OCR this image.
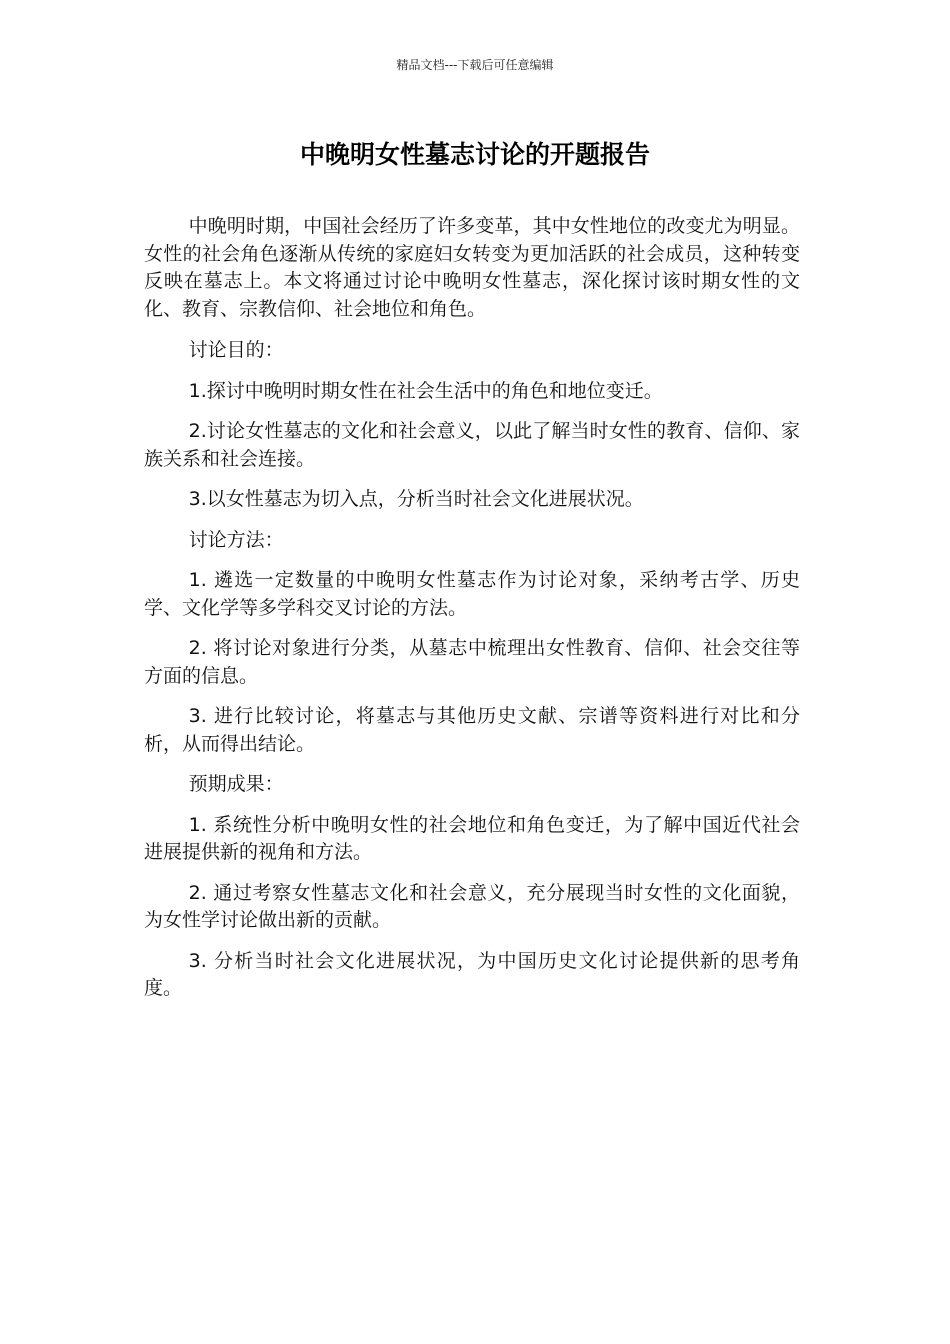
精品文档---下载后可任意编辑
中晚明女性墓志讨论的开题报告

中晚明时期，中国社会经历了许多变革，其中女性地位的改变尤为明显。女性的社会角色逐渐从传统的家庭妇女转变为更加活跃的社会成员，这种转变反映在墓志上。本文将通过讨论中晚明女性墓志，深化探讨该时期女性的文化、教育、宗教信仰、社会地位和角色。

讨论目的：

1.探讨中晚明时期女性在社会生活中的角色和地位变迁。

2.讨论女性墓志的文化和社会意义，以此了解当时女性的教育、信仰、家族关系和社会连接。

3.以女性墓志为切入点，分析当时社会文化进展状况。

讨论方法：

1. 遴选一定数量的中晚明女性墓志作为讨论对象，采纳考古学、历史学、文化学等多学科交叉讨论的方法。

2. 将讨论对象进行分类，从墓志中梳理出女性教育、信仰、社会交往等方面的信息。

3. 进行比较讨论，将墓志与其他历史文献、宗谱等资料进行对比和分析，从而得出结论。

预期成果：

1. 系统性分析中晚明女性的社会地位和角色变迁，为了解中国近代社会进展提供新的视角和方法。

2. 通过考察女性墓志文化和社会意义，充分展现当时女性的文化面貌，为女性学讨论做出新的贡献。

3. 分析当时社会文化进展状况，为中国历史文化讨论提供新的思考角度。
